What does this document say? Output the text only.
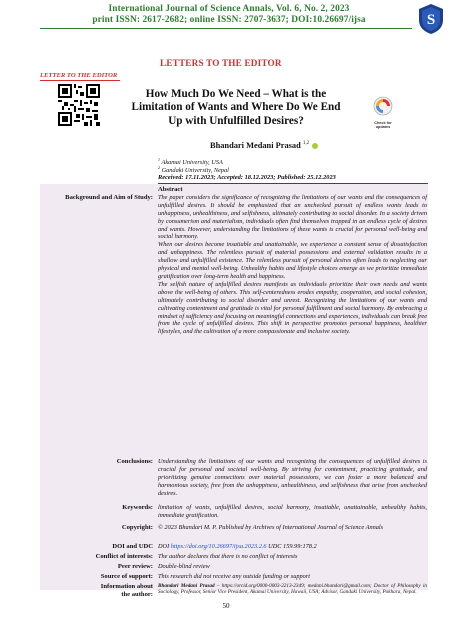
International Journal of Science Annals, Vol. 6, No. 2, 2023
print ISSN: 2617-2682; online ISSN: 2707-3637; DOI:10.26697/ijsa	S
LETTERS TO THE EDITOR
LETTER TO THE EDITOR
How Much Do We Need – What is the
Limitation of Wants and Where Do We End
Up with Unfulfilled Desires?	Check for
updates
Bhandari Medani Prasad $^{1,2}$
$^1$ Akamai University, USA
$^2$ Gandaki University, Nepal
Received: 17.11.2023; Accepted: 18.12.2023; Published: 25.12.2023
Background and Aim of Study:

Abstract

The paper considers the significance of recognizing the limitations of our wants and the consequences of unfulfilled desires. It should be emphasized that an unchecked pursuit of endless wants leads to unhappiness, unhealthiness, and selfishness, ultimately contributing to social disorder. In a society driven by consumerism and materialism, individuals often find themselves trapped in an endless cycle of desires and wants. However, understanding the limitations of these wants is crucial for personal well-being and social harmony.

When our desires become insatiable and unattainable, we experience a constant sense of dissatisfaction and unhappiness. The relentless pursuit of material possessions and external validation results in a shallow and unfulfilled existence. The relentless pursuit of personal desires often leads to neglecting our physical and mental well-being. Unhealthy habits and lifestyle choices emerge as we prioritize immediate gratification over long-term health and happiness.

The selfish nature of unfulfilled desires manifests as individuals prioritize their own needs and wants above the well-being of others. This self-centeredness erodes empathy, cooperation, and social cohesion, ultimately contributing to social disorder and unrest. Recognizing the limitations of our wants and cultivating contentment and gratitude is vital for personal fulfillment and social harmony. By embracing a mindset of sufficiency and focusing on meaningful connections and experiences, individuals can break free from the cycle of unfulfilled desires. This shift in perspective promotes personal happiness, healthier lifestyles, and the cultivation of a more compassionate and inclusive society.

Conclusions: Understanding the limitations of our wants and recognizing the consequences of unfulfilled desires is crucial for personal and societal well-being. By striving for contentment, practicing gratitude, and prioritizing genuine connections over material possessions, we can foster a more balanced and harmonious society, free from the unhappiness, unhealthiness, and selfishness that arise from unchecked desires.
Keywords: limitation of wants, unfulfilled desires, social harmony, insatiable, unattainable, unhealthy habits, immediate gratification.
Copyright: © 2023 Bhandari M. P. Published by Archives of International Journal of Science Annals
DOI and UDC DOI https://doi.org/10.26697/ijsa.2023.2.6 UDC 159.99:178.2
Conflict of interests: The author declares that there is no conflict of interests
Peer review: Double-blind review
Source of support: This research did not receive any outside funding or support
Information about
the author:
Bhandari Medani Prasad – https://orcid.org/0000-0003-2213-2349; medani.bhandari@gmail.com; Doctor of Philosophy in Sociology, Professor, Senior Vice President, Akamai University, Hawaii, USA; Advisor, Gandaki University, Pokhara, Nepal.
50
